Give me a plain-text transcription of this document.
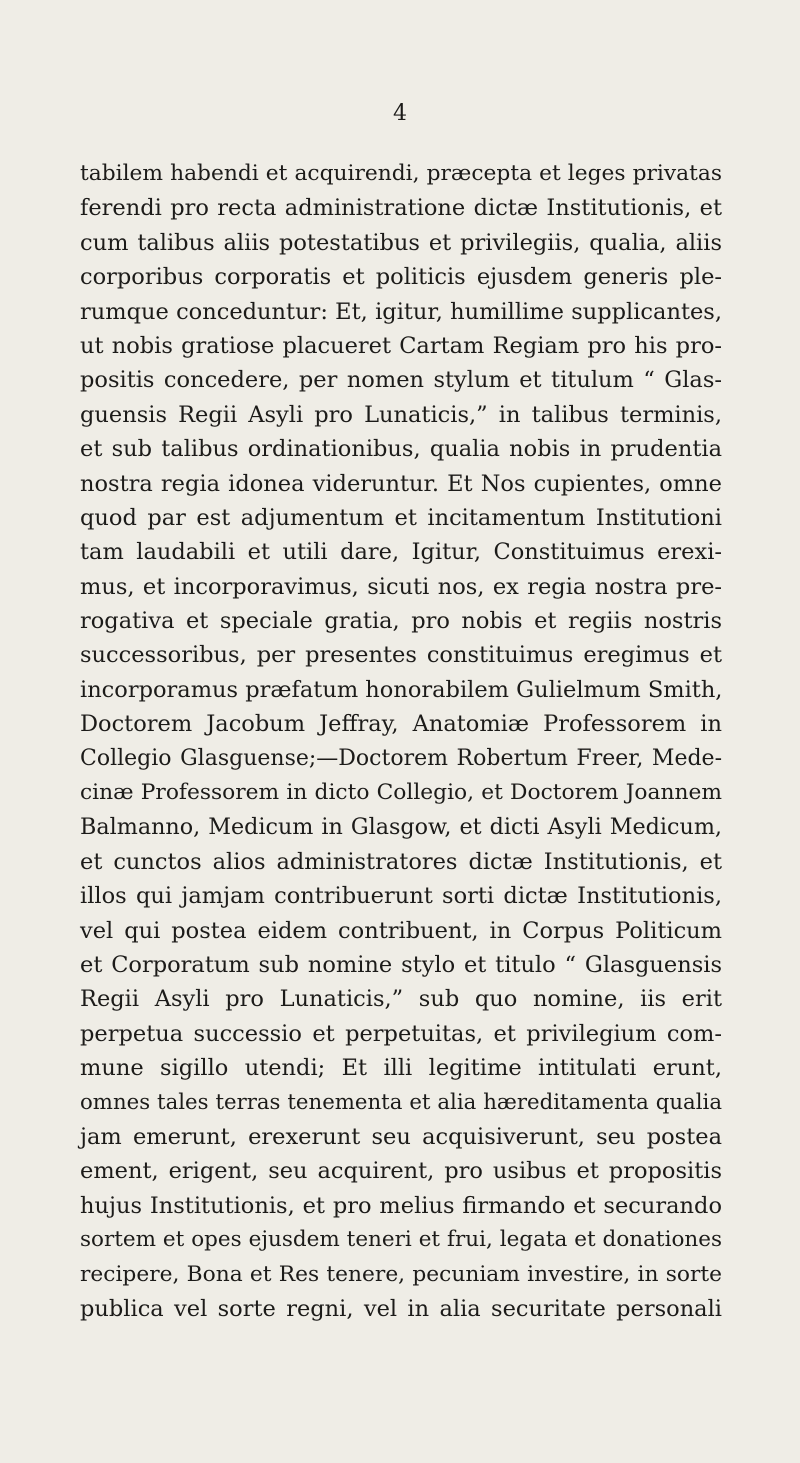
4
tabilem habendi et acquirendi, præcepta et leges privatas
ferendi pro recta administratione dictæ Institutionis, et
cum talibus aliis potestatibus et privilegiis, qualia, aliis
corporibus corporatis et politicis ejusdem generis ple-
rumque conceduntur: Et, igitur, humillime supplicantes,
ut nobis gratiose placueret Cartam Regiam pro his pro-
positis concedere, per nomen stylum et titulum “ Glas-
guensis Regii Asyli pro Lunaticis,” in talibus terminis,
et sub talibus ordinationibus, qualia nobis in prudentia
nostra regia idonea videruntur. Et Nos cupientes, omne
quod par est adjumentum et incitamentum Institutioni
tam laudabili et utili dare, Igitur, Constituimus erexi-
mus, et incorporavimus, sicuti nos, ex regia nostra pre-
rogativa et speciale gratia, pro nobis et regiis nostris
successoribus, per presentes constituimus eregimus et
incorporamus præfatum honorabilem Gulielmum Smith,
Doctorem Jacobum Jeffray, Anatomiæ Professorem in
Collegio Glasguense;—Doctorem Robertum Freer, Mede-
cinæ Professorem in dicto Collegio, et Doctorem Joannem
Balmanno, Medicum in Glasgow, et dicti Asyli Medicum,
et cunctos alios administratores dictæ Institutionis, et
illos qui jamjam contribuerunt sorti dictæ Institutionis,
vel qui postea eidem contribuent, in Corpus Politicum
et Corporatum sub nomine stylo et titulo “ Glasguensis
Regii Asyli pro Lunaticis,” sub quo nomine, iis erit
perpetua successio et perpetuitas, et privilegium com-
mune sigillo utendi; Et illi legitime intitulati erunt,
omnes tales terras tenementa et alia hæreditamenta qualia
jam emerunt, erexerunt seu acquisiverunt, seu postea
ement, erigent, seu acquirent, pro usibus et propositis
hujus Institutionis, et pro melius firmando et securando
sortem et opes ejusdem teneri et frui, legata et donationes
recipere, Bona et Res tenere, pecuniam investire, in sorte
publica vel sorte regni, vel in alia securitate personali
